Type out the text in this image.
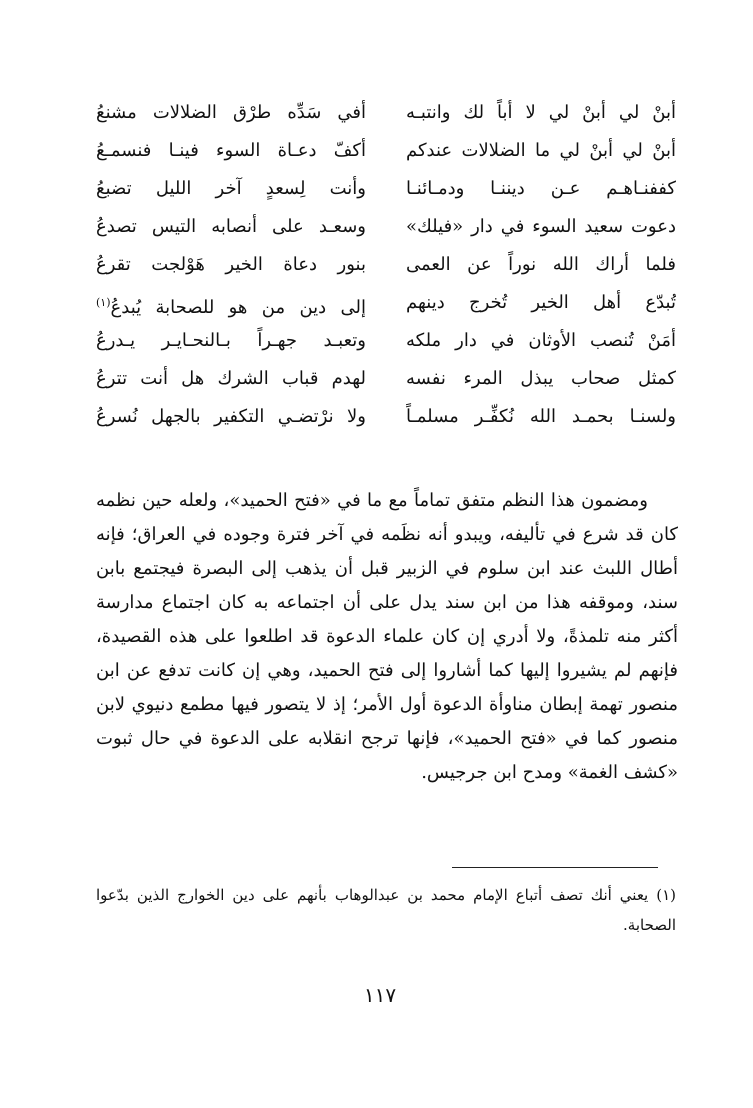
أبنْ لي أبنْ لي لا أباً لك وانتبـه
أفي سَدِّه طرْق الضلالات مشنعُ
أبنْ لي أبنْ لي ما الضلالات عندكم
أكفّ دعـاة السوء فينـا فنسمـعُ
كففنـاهـم عـن ديننـا ودمـائنـا
وأنت لِسعدٍ آخر الليل تضبعُ
دعوت سعيد السوء في دار «فيلك»
وسعـد على أنصابه التيس تصدعُ
فلما أراك الله نوراً عن العمى
بنور دعاة الخير هَوْلجت تقرعُ
تُبدّع أهل الخير تُخرج دينهم
إلى دين من هو للصحابة يُبدعُ$^{(١)}$
أمَنْ تُنصب الأوثان في دار ملكه
وتعبـد جهـراً بـالنحـايـر يـدرعُ
كمثل صحاب يبذل المرء نفسه
لهدم قباب الشرك هل أنت تترعُ
ولسنـا بحمـد الله نُكفِّـر مسلمـاً
ولا نرْتضـي التكفير بالجهل نُسرعُ

ومضمون هذا النظم متفق تماماً مع ما في «فتح الحميد»، ولعله حين نظمه كان قد شرع في تأليفه، ويبدو أنه نظَمه في آخر فترة وجوده في العراق؛ فإنه أطال اللبث عند ابن سلوم في الزبير قبل أن يذهب إلى البصرة فيجتمع بابن سند، وموقفه هذا من ابن سند يدل على أن اجتماعه به كان اجتماع مدارسة أكثر منه تلمذةً، ولا أدري إن كان علماء الدعوة قد اطلعوا على هذه القصيدة، فإنهم لم يشيروا إليها كما أشاروا إلى فتح الحميد، وهي إن كانت تدفع عن ابن منصور تهمة إبطان مناوأة الدعوة أول الأمر؛ إذ لا يتصور فيها مطمع دنيوي لابن منصور كما في «فتح الحميد»، فإنها ترجح انقلابه على الدعوة في حال ثبوت «كشف الغمة» ومدح ابن جرجيس.

(١) يعني أنك تصف أتباع الإمام محمد بن عبدالوهاب بأنهم على دين الخوارج الذين بدّعوا الصحابة.

١١٧
